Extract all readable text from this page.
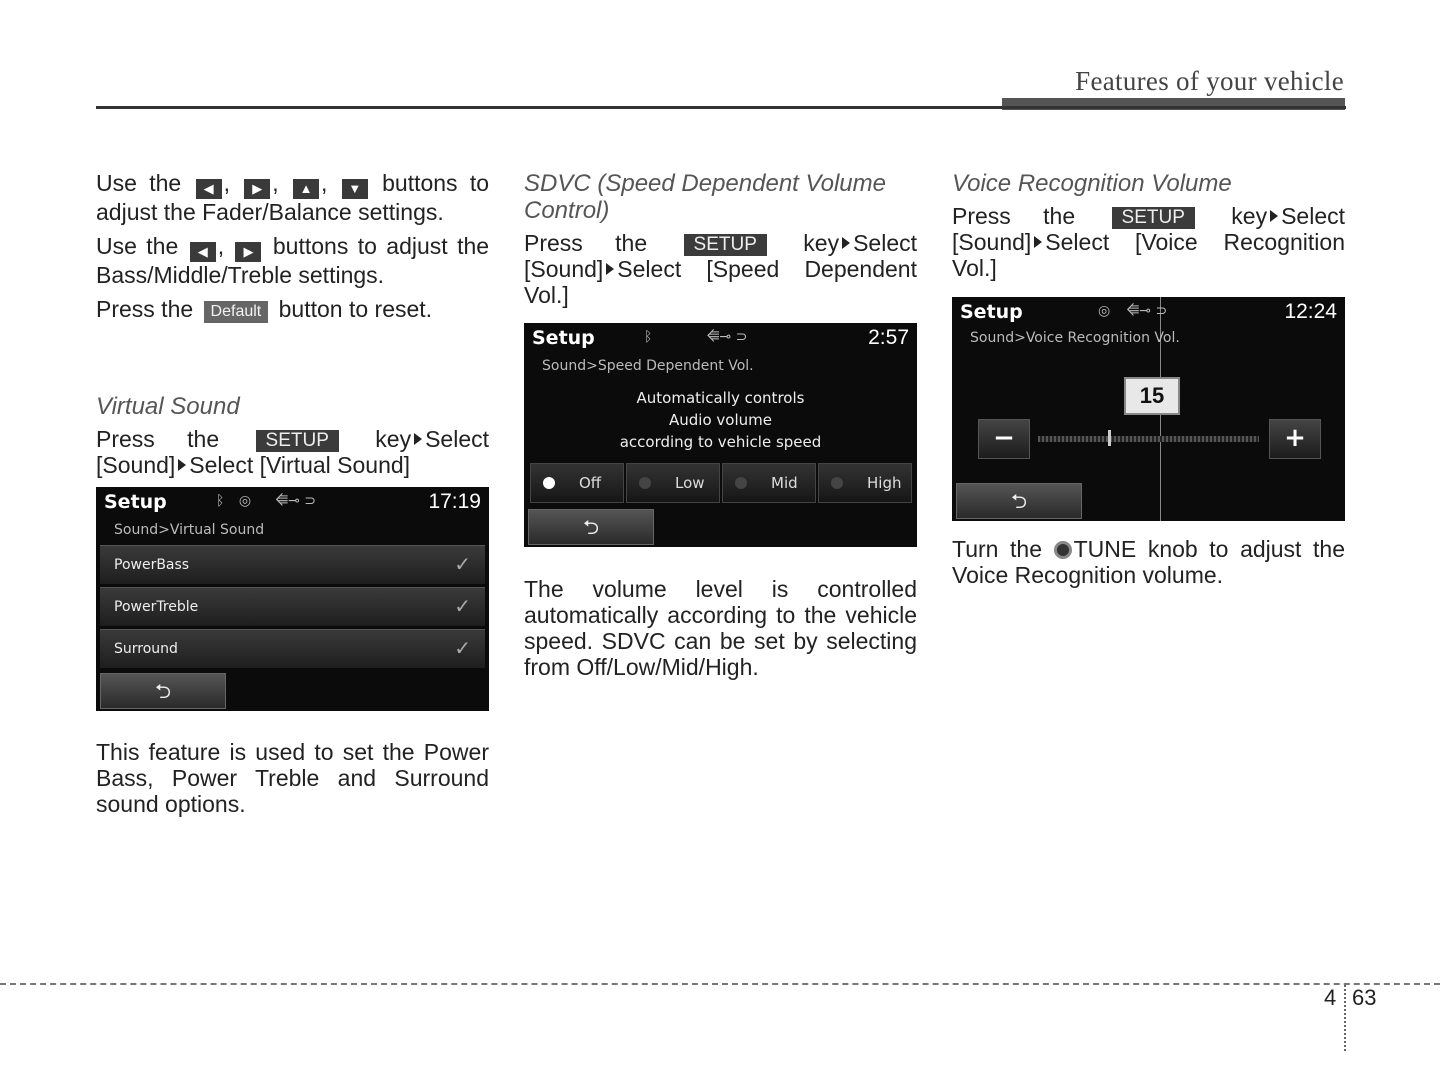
Features of your vehicle

Use the ◀ , ▶ , ▲ , ▼ buttons to adjust the Fader/Balance settings.

Use the ◀ , ▶ buttons to adjust the Bass/Middle/Treble settings.

Press the Default button to reset.

Virtual Sound

Press the SETUP key Select [Sound] Select [Virtual Sound]

Setup	ᛒ ◎ ⭅⊸ ⊃	17:19
Sound>Virtual Sound
PowerBass	✓
PowerTreble	✓
Surround	✓
⮌

This feature is used to set the Power Bass, Power Treble and Surround sound options.

SDVC (Speed Dependent Volume Control)

Press the SETUP key Select [Sound] Select [Speed Dependent Vol.]

Setup	ᛒ	⭅⊸ ⊃	2:57
Sound>Speed Dependent Vol.
Automatically controls
Audio volume
according to vehicle speed
Off	Low	Mid	High
⮌

The volume level is controlled automatically according to the vehicle speed. SDVC can be set by selecting from Off/Low/Mid/High.

Voice Recognition Volume

Press the SETUP key Select [Sound] Select [Voice Recognition Vol.]

Setup	◎ ⭅⊸ ⊃	12:24
Sound>Voice Recognition Vol.
15
−	+
⮌

Turn the TUNE knob to adjust the Voice Recognition volume.

4 63
